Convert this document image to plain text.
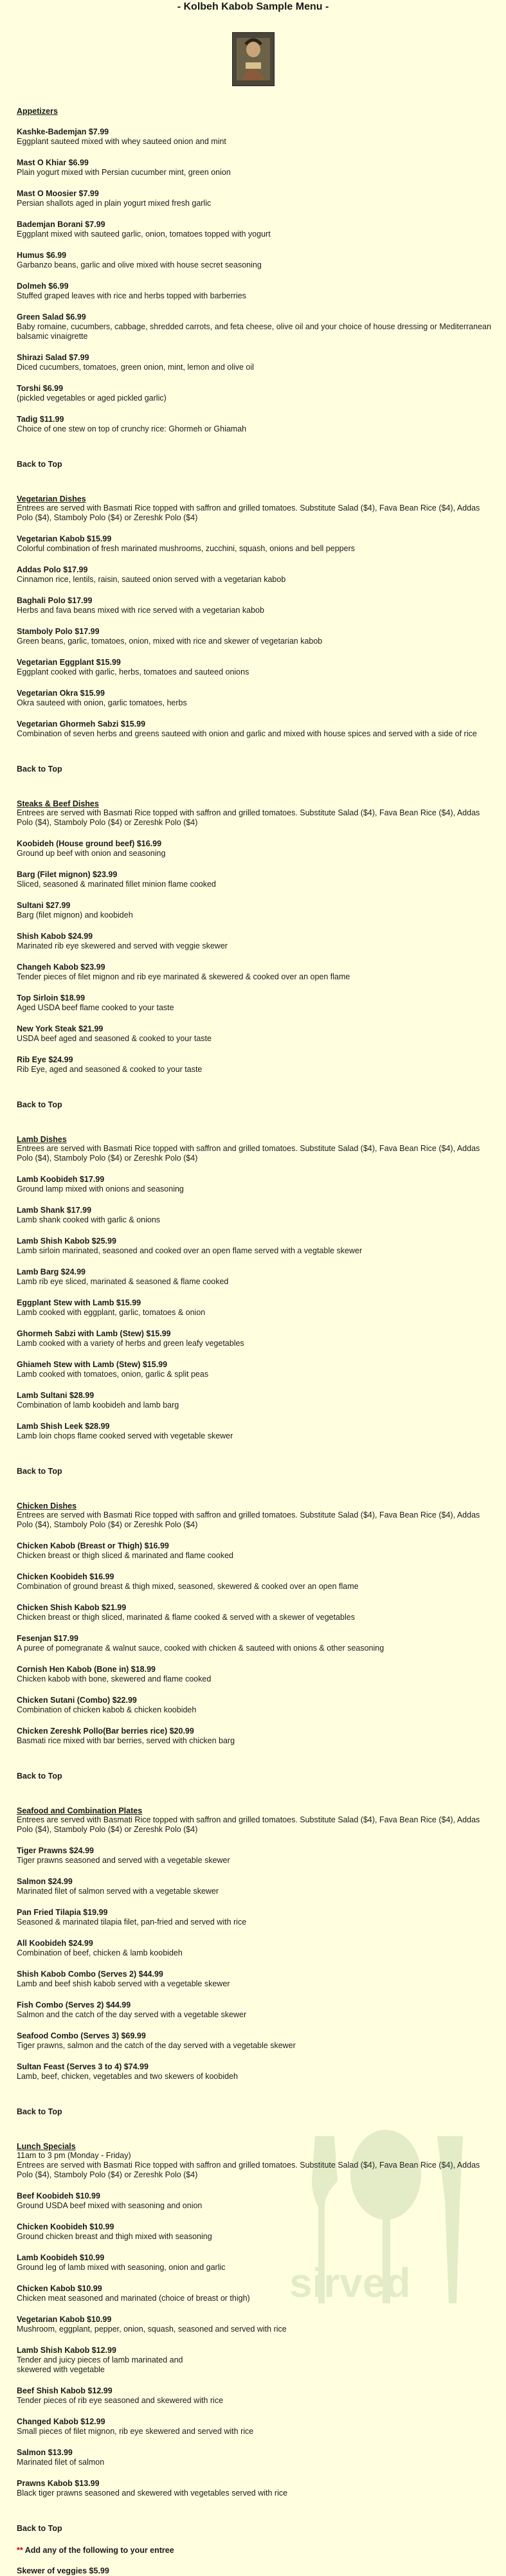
- Kolbeh Kabob Sample Menu -
Appetizers
Kashke-Bademjan $7.99
Eggplant sauteed mixed with whey sauteed onion and mint
Mast O Khiar $6.99
Plain yogurt mixed with Persian cucumber mint, green onion
Mast O Moosier $7.99
Persian shallots aged in plain yogurt mixed fresh garlic
Bademjan Borani $7.99
Eggplant mixed with sauteed garlic, onion, tomatoes topped with yogurt
Humus $6.99
Garbanzo beans, garlic and olive mixed with house secret seasoning
Dolmeh $6.99
Stuffed graped leaves with rice and herbs topped with barberries
Green Salad $6.99
Baby romaine, cucumbers, cabbage, shredded carrots, and feta cheese, olive oil and your choice of house dressing or Mediterranean balsamic vinaigrette
Shirazi Salad $7.99
Diced cucumbers, tomatoes, green onion, mint, lemon and olive oil
Torshi $6.99
(pickled vegetables or aged pickled garlic)
Tadig $11.99
Choice of one stew on top of crunchy rice: Ghormeh or Ghiamah
Back to Top
Vegetarian Dishes
Entrees are served with Basmati Rice topped with saffron and grilled tomatoes. Substitute Salad ($4), Fava Bean Rice ($4), Addas Polo ($4), Stamboly Polo ($4) or Zereshk Polo ($4)
Vegetarian Kabob $15.99
Colorful combination of fresh marinated mushrooms, zucchini, squash, onions and bell peppers
Addas Polo $17.99
Cinnamon rice, lentils, raisin, sauteed onion served with a vegetarian kabob
Baghali Polo $17.99
Herbs and fava beans mixed with rice served with a vegetarian kabob
Stamboly Polo $17.99
Green beans, garlic, tomatoes, onion, mixed with rice and skewer of vegetarian kabob
Vegetarian Eggplant $15.99
Eggplant cooked with garlic, herbs, tomatoes and sauteed onions
Vegetarian Okra $15.99
Okra sauteed with onion, garlic tomatoes, herbs
Vegetarian Ghormeh Sabzi $15.99
Combination of seven herbs and greens sauteed with onion and garlic and mixed with house spices and served with a side of rice
Back to Top
Steaks & Beef Dishes
Entrees are served with Basmati Rice topped with saffron and grilled tomatoes. Substitute Salad ($4), Fava Bean Rice ($4), Addas Polo ($4), Stamboly Polo ($4) or Zereshk Polo ($4)
Koobideh (House ground beef) $16.99
Ground up beef with onion and seasoning
Barg (Filet mignon) $23.99
Sliced, seasoned & marinated fillet minion flame cooked
Sultani $27.99
Barg (filet mignon) and koobideh
Shish Kabob $24.99
Marinated rib eye skewered and served with veggie skewer
Changeh Kabob $23.99
Tender pieces of filet mignon and rib eye marinated & skewered & cooked over an open flame
Top Sirloin $18.99
Aged USDA beef flame cooked to your taste
New York Steak $21.99
USDA beef aged and seasoned & cooked to your taste
Rib Eye $24.99
Rib Eye, aged and seasoned & cooked to your taste
Back to Top
Lamb Dishes
Entrees are served with Basmati Rice topped with saffron and grilled tomatoes. Substitute Salad ($4), Fava Bean Rice ($4), Addas Polo ($4), Stamboly Polo ($4) or Zereshk Polo ($4)
Lamb Koobideh $17.99
Ground lamp mixed with onions and seasoning
Lamb Shank $17.99
Lamb shank cooked with garlic & onions
Lamb Shish Kabob $25.99
Lamb sirloin marinated, seasoned and cooked over an open flame served with a vegtable skewer
Lamb Barg $24.99
Lamb rib eye sliced, marinated & seasoned & flame cooked
Eggplant Stew with Lamb $15.99
Lamb cooked with eggplant, garlic, tomatoes & onion
Ghormeh Sabzi with Lamb (Stew) $15.99
Lamb cooked with a variety of herbs and green leafy vegetables
Ghiameh Stew with Lamb (Stew) $15.99
Lamb cooked with tomatoes, onion, garlic & split peas
Lamb Sultani $28.99
Combination of lamb koobideh and lamb barg
Lamb Shish Leek $28.99
Lamb loin chops flame cooked served with vegetable skewer
Back to Top
Chicken Dishes
Entrees are served with Basmati Rice topped with saffron and grilled tomatoes. Substitute Salad ($4), Fava Bean Rice ($4), Addas Polo ($4), Stamboly Polo ($4) or Zereshk Polo ($4)
Chicken Kabob (Breast or Thigh) $16.99
Chicken breast or thigh sliced & marinated and flame cooked
Chicken Koobideh $16.99
Combination of ground breast & thigh mixed, seasoned, skewered & cooked over an open flame
Chicken Shish Kabob $21.99
Chicken breast or thigh sliced, marinated & flame cooked & served with a skewer of vegetables
Fesenjan $17.99
A puree of pomegranate & walnut sauce, cooked with chicken & sauteed with onions & other seasoning
Cornish Hen Kabob (Bone in) $18.99
Chicken kabob with bone, skewered and flame cooked
Chicken Sutani (Combo) $22.99
Combination of chicken kabob & chicken koobideh
Chicken Zereshk Pollo(Bar berries rice) $20.99
Basmati rice mixed with bar berries, served with chicken barg
Back to Top
Seafood and Combination Plates
Entrees are served with Basmati Rice topped with saffron and grilled tomatoes. Substitute Salad ($4), Fava Bean Rice ($4), Addas Polo ($4), Stamboly Polo ($4) or Zereshk Polo ($4)
Tiger Prawns $24.99
Tiger prawns seasoned and served with a vegetable skewer
Salmon $24.99
Marinated filet of salmon served with a vegetable skewer
Pan Fried Tilapia $19.99
Seasoned & marinated tilapia filet, pan-fried and served with rice
All Koobideh $24.99
Combination of beef, chicken & lamb koobideh
Shish Kabob Combo (Serves 2) $44.99
Lamb and beef shish kabob served with a vegetable skewer
Fish Combo (Serves 2) $44.99
Salmon and the catch of the day served with a vegetable skewer
Seafood Combo (Serves 3) $69.99
Tiger prawns, salmon and the catch of the day served with a vegetable skewer
Sultan Feast (Serves 3 to 4) $74.99
Lamb, beef, chicken, vegetables and two skewers of koobideh
Back to Top
Lunch Specials
11am to 3 pm (Monday - Friday)
Entrees are served with Basmati Rice topped with saffron and grilled tomatoes. Substitute Salad ($4), Fava Bean Rice ($4), Addas Polo ($4), Stamboly Polo ($4) or Zereshk Polo ($4)
Beef Koobideh $10.99
Ground USDA beef mixed with seasoning and onion
Chicken Koobideh $10.99
Ground chicken breast and thigh mixed with seasoning
Lamb Koobideh $10.99
Ground leg of lamb mixed with seasoning, onion and garlic
Chicken Kabob $10.99
Chicken meat seasoned and marinated (choice of breast or thigh)
Vegetarian Kabob $10.99
Mushroom, eggplant, pepper, onion, squash, seasoned and served with rice
Lamb Shish Kabob $12.99
Tender and juicy pieces of lamb marinated and
skewered with vegetable
Beef Shish Kabob $12.99
Tender pieces of rib eye seasoned and skewered with rice
Changed Kabob $12.99
Small pieces of filet mignon, rib eye skewered and served with rice
Salmon $13.99
Marinated filet of salmon
Prawns Kabob $13.99
Black tiger prawns seasoned and skewered with vegetables served with rice
Back to Top
** Add any of the following to your entree
Skewer of veggies $5.99
sirved
